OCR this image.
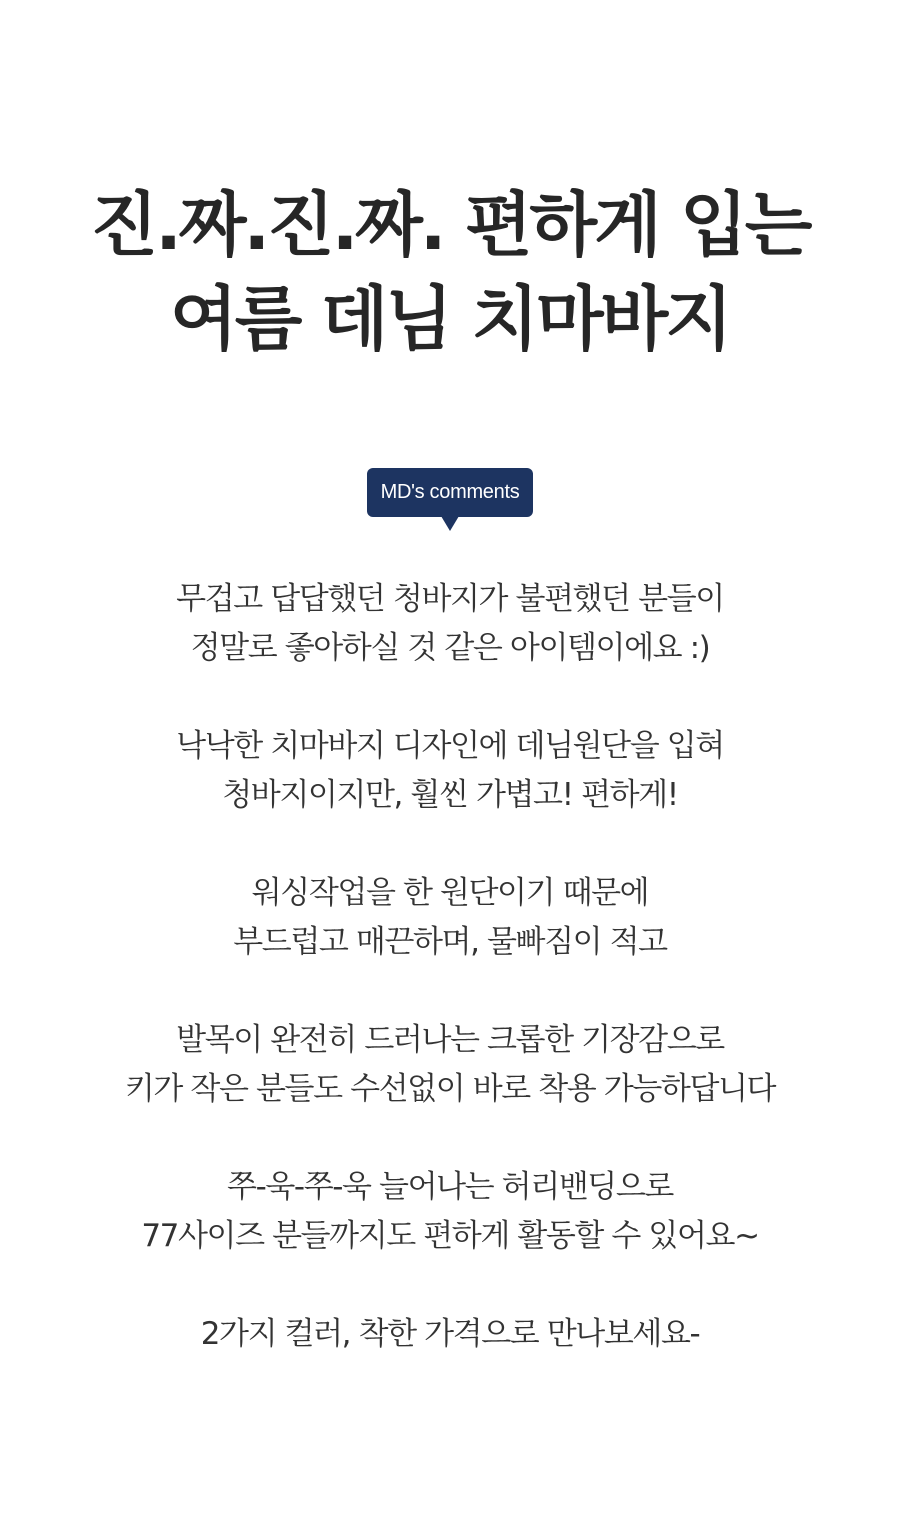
진.짜.진.짜. 편하게 입는
여름 데님 치마바지
MD's comments
무겁고 답답했던 청바지가 불편했던 분들이
정말로 좋아하실 것 같은 아이템이에요 :)
낙낙한 치마바지 디자인에 데님원단을 입혀
청바지이지만, 훨씬 가볍고! 편하게!
워싱작업을 한 원단이기 때문에
부드럽고 매끈하며, 물빠짐이 적고
발목이 완전히 드러나는 크롭한 기장감으로
키가 작은 분들도 수선없이 바로 착용 가능하답니다
쭈-욱-쭈-욱 늘어나는 허리밴딩으로
77사이즈 분들까지도 편하게 활동할 수 있어요~
2가지 컬러, 착한 가격으로 만나보세요-
